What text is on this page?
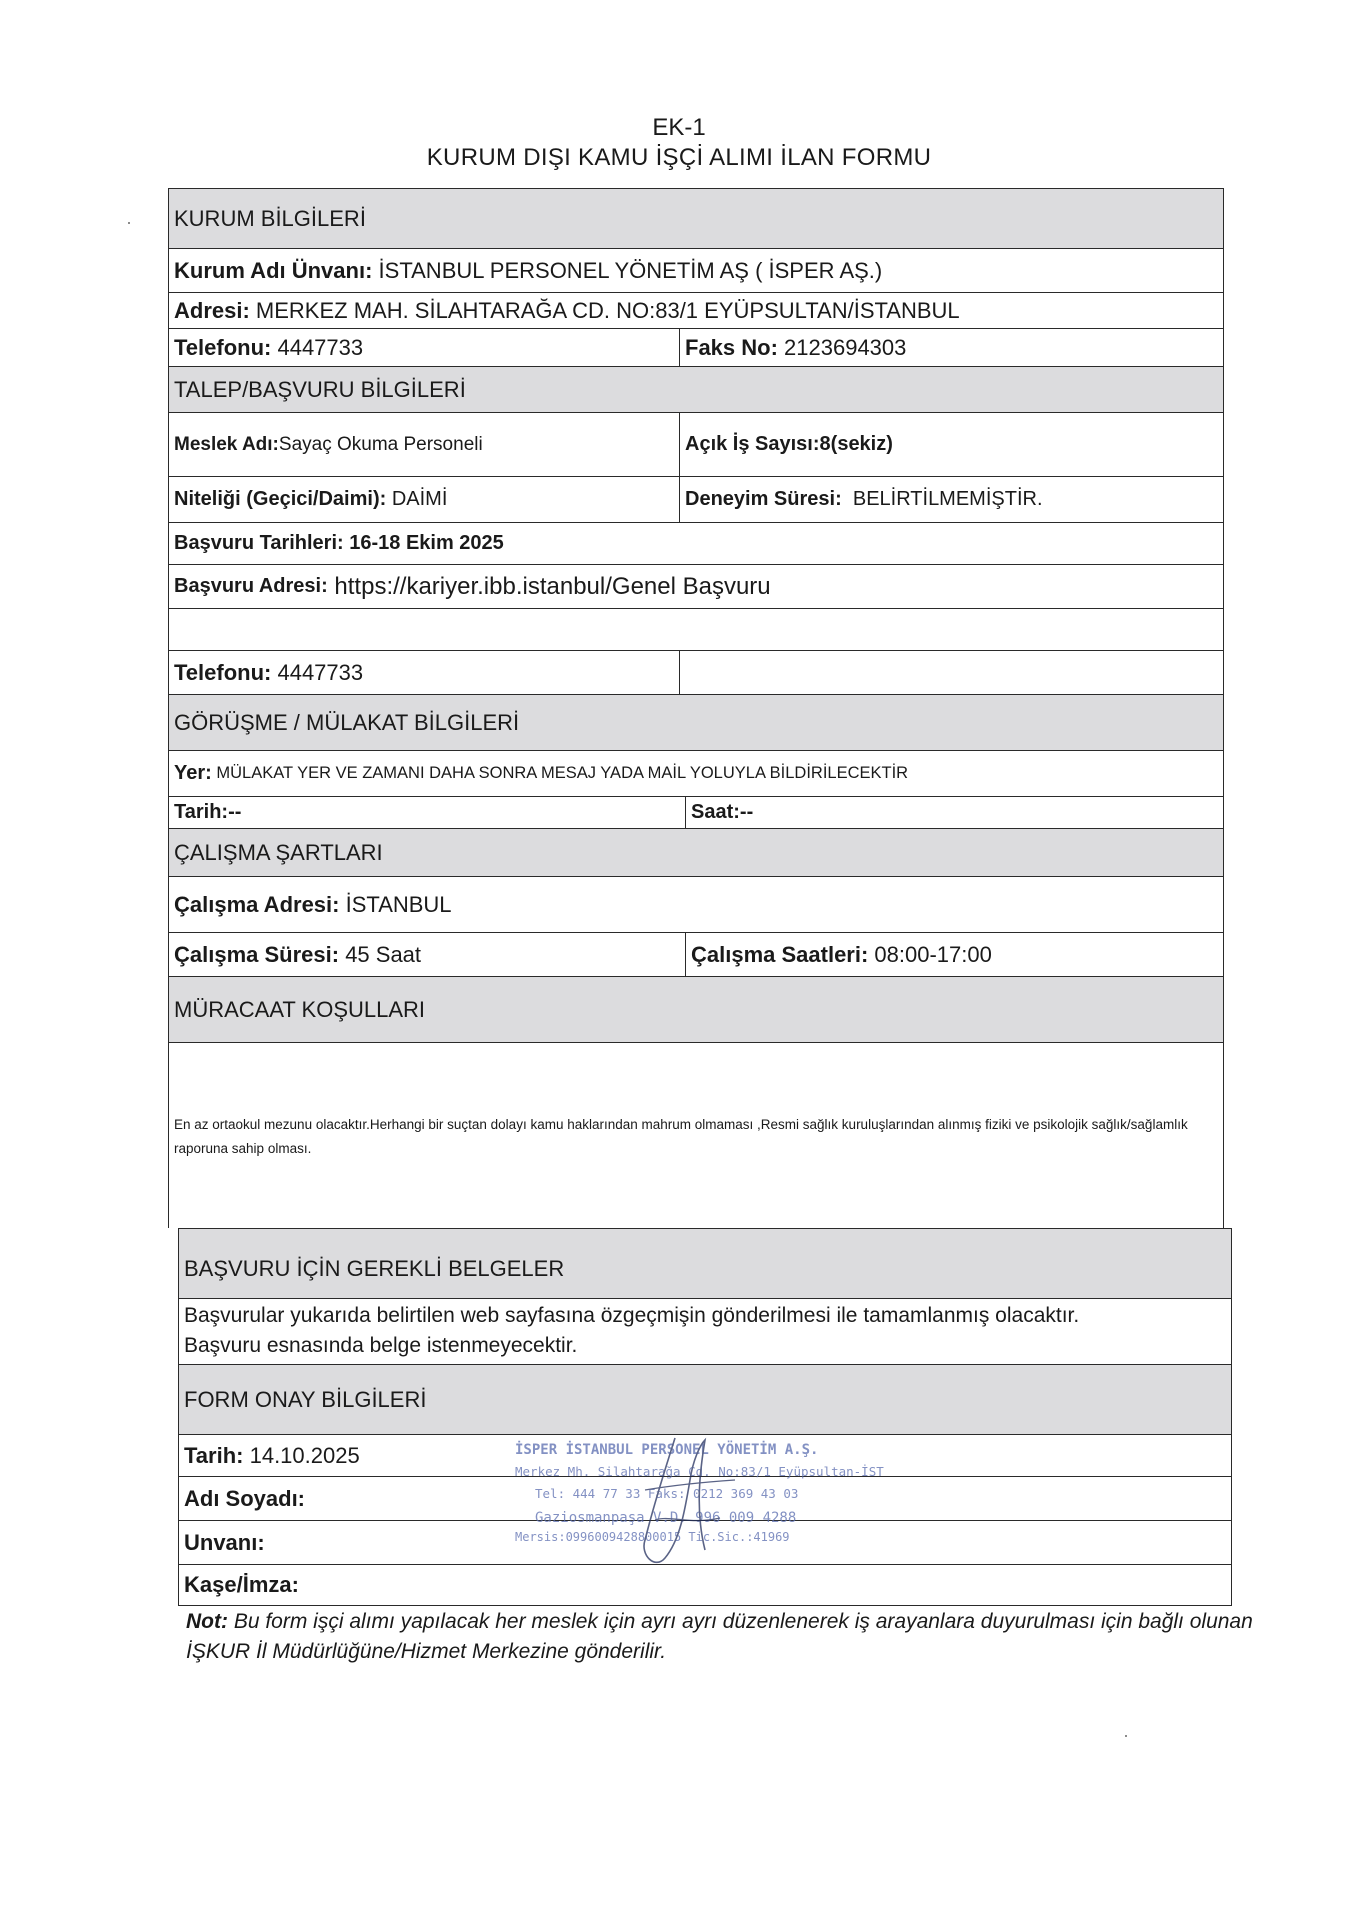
EK-1
KURUM DIŞI KAMU İŞÇİ ALIMI İLAN FORMU
KURUM BİLGİLERİ
Kurum Adı Ünvanı: İSTANBUL PERSONEL YÖNETİM AŞ ( İSPER AŞ.)
Adresi: MERKEZ MAH. SİLAHTARAĞA CD. NO:83/1 EYÜPSULTAN/İSTANBUL
Telefonu: 4447733	Faks No: 2123694303
TALEP/BAŞVURU BİLGİLERİ
Meslek Adı: Sayaç Okuma Personeli	Açık İş Sayısı: 8(sekiz)
Niteliği (Geçici/Daimi): DAİMİ	Deneyim Süresi: BELİRTİLMEMİŞTİR.
Başvuru Tarihleri: 16-18 Ekim 2025
Başvuru Adresi: https://kariyer.ibb.istanbul/Genel Başvuru
Telefonu: 4447733
GÖRÜŞME / MÜLAKAT BİLGİLERİ
Yer: MÜLAKAT YER VE ZAMANI DAHA SONRA MESAJ YADA MAİL YOLUYLA BİLDİRİLECEKTİR
Tarih:--	Saat:--
ÇALIŞMA ŞARTLARI
Çalışma Adresi: İSTANBUL
Çalışma Süresi: 45 Saat	Çalışma Saatleri: 08:00-17:00
MÜRACAAT KOŞULLARI
En az ortaokul mezunu olacaktır.Herhangi bir suçtan dolayı kamu haklarından mahrum olmaması ,Resmi sağlık kuruluşlarından alınmış fiziki ve psikolojik sağlık/sağlamlık raporuna sahip olması.
BAŞVURU İÇİN GEREKLİ BELGELER
Başvurular yukarıda belirtilen web sayfasına özgeçmişin gönderilmesi ile tamamlanmış olacaktır.
Başvuru esnasında belge istenmeyecektir.
FORM ONAY BİLGİLERİ
Tarih: 14.10.2025
Adı Soyadı:
Unvanı:
Kaşe/İmza:
İSPER İSTANBUL PERSONEL YÖNETİM A.Ş.
Merkez Mh. Silahtarağa Cd. No:83/1 Eyüpsultan-İST
Tel: 444 77 33 Faks: 0212 369 43 03
Gaziosmanpaşa V.D. 996 009 4288
Mersis:0996009428800015 Tic.Sic.:41969
Not: Bu form işçi alımı yapılacak her meslek için ayrı ayrı düzenlenerek iş arayanlara duyurulması için bağlı olunan İŞKUR İl Müdürlüğüne/Hizmet Merkezine gönderilir.
